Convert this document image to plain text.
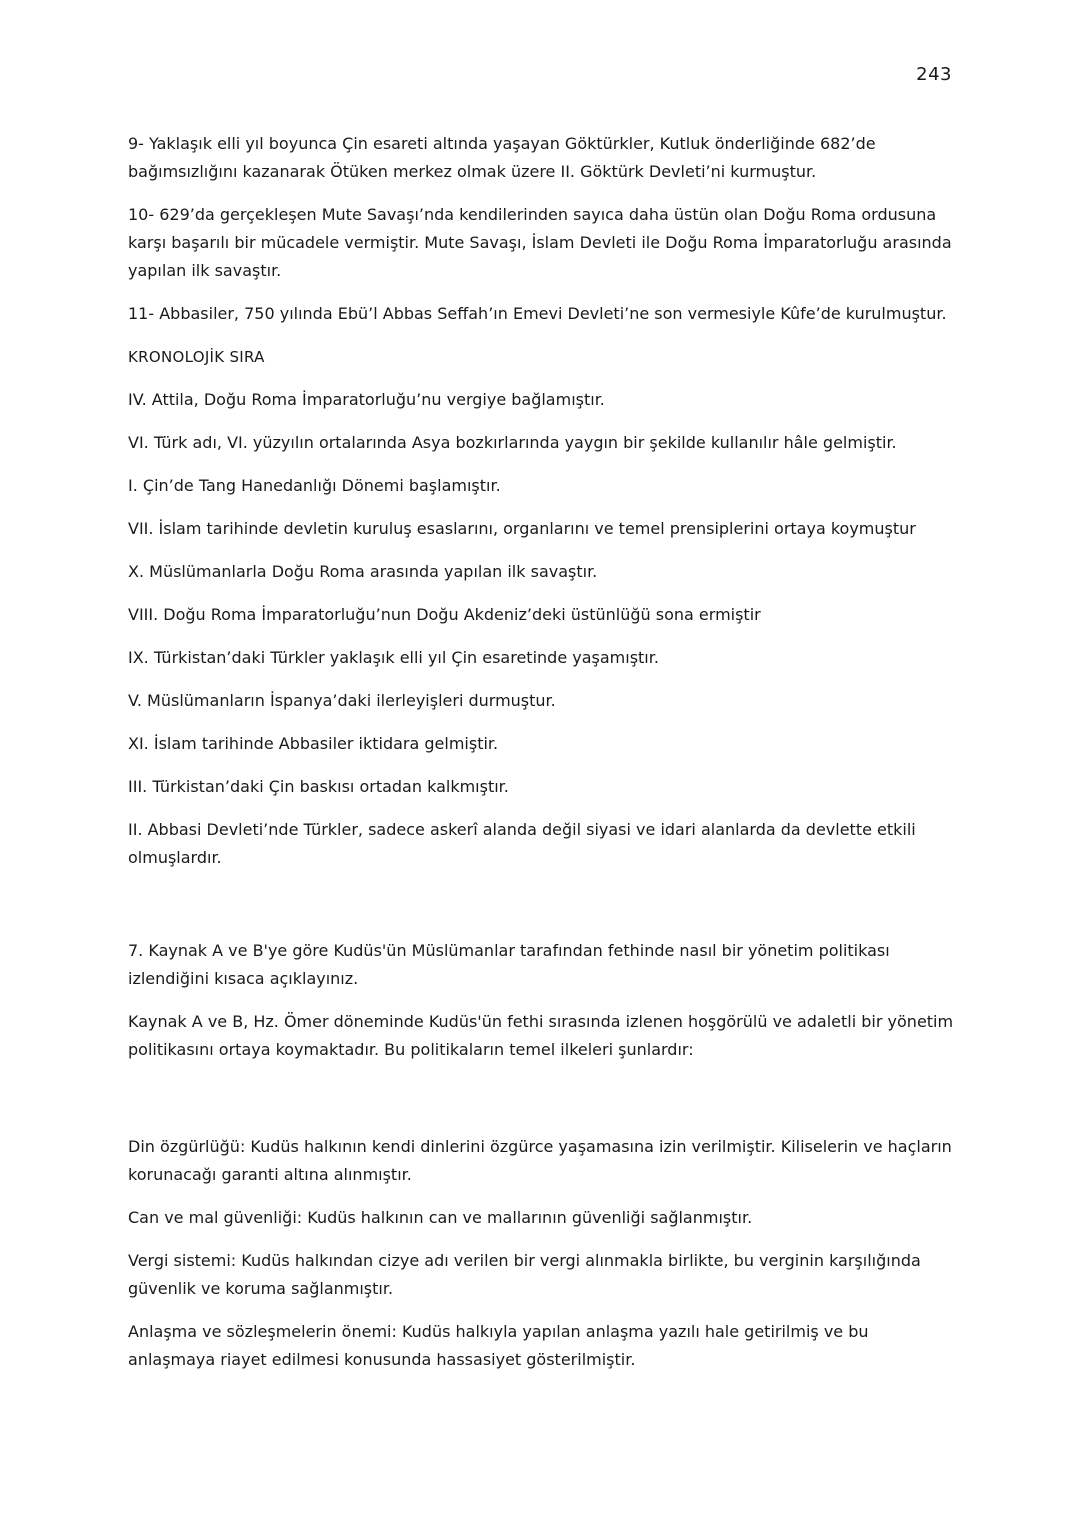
243

9- Yaklaşık elli yıl boyunca Çin esareti altında yaşayan Göktürkler, Kutluk önderliğinde 682’de bağımsızlığını kazanarak Ötüken merkez olmak üzere II. Göktürk Devleti’ni kurmuştur.

10- 629’da gerçekleşen Mute Savaşı’nda kendilerinden sayıca daha üstün olan Doğu Roma ordusuna karşı başarılı bir mücadele vermiştir. Mute Savaşı, İslam Devleti ile Doğu Roma İmparatorluğu arasında yapılan ilk savaştır.

11- Abbasiler, 750 yılında Ebü’l Abbas Seffah’ın Emevi Devleti’ne son vermesiyle Kûfe’de kurulmuştur.

KRONOLOJİK SIRA
IV. Attila, Doğu Roma İmparatorluğu’nu vergiye bağlamıştır.
VI. Türk adı, VI. yüzyılın ortalarında Asya bozkırlarında yaygın bir şekilde kullanılır hâle gelmiştir.
I. Çin’de Tang Hanedanlığı Dönemi başlamıştır.
VII. İslam tarihinde devletin kuruluş esaslarını, organlarını ve temel prensiplerini ortaya koymuştur
X. Müslümanlarla Doğu Roma arasında yapılan ilk savaştır.
VIII. Doğu Roma İmparatorluğu’nun Doğu Akdeniz’deki üstünlüğü sona ermiştir
IX. Türkistan’daki Türkler yaklaşık elli yıl Çin esaretinde yaşamıştır.
V. Müslümanların İspanya’daki ilerleyişleri durmuştur.
XI. İslam tarihinde Abbasiler iktidara gelmiştir.
III. Türkistan’daki Çin baskısı ortadan kalkmıştır.
II. Abbasi Devleti’nde Türkler, sadece askerî alanda değil siyasi ve idari alanlarda da devlette etkili olmuşlardır.

7. Kaynak A ve B'ye göre Kudüs'ün Müslümanlar tarafından fethinde nasıl bir yönetim politikası izlendiğini kısaca açıklayınız.

Kaynak A ve B, Hz. Ömer döneminde Kudüs'ün fethi sırasında izlenen hoşgörülü ve adaletli bir yönetim politikasını ortaya koymaktadır. Bu politikaların temel ilkeleri şunlardır:

Din özgürlüğü: Kudüs halkının kendi dinlerini özgürce yaşamasına izin verilmiştir. Kiliselerin ve haçların korunacağı garanti altına alınmıştır.

Can ve mal güvenliği: Kudüs halkının can ve mallarının güvenliği sağlanmıştır.

Vergi sistemi: Kudüs halkından cizye adı verilen bir vergi alınmakla birlikte, bu verginin karşılığında güvenlik ve koruma sağlanmıştır.

Anlaşma ve sözleşmelerin önemi: Kudüs halkıyla yapılan anlaşma yazılı hale getirilmiş ve bu anlaşmaya riayet edilmesi konusunda hassasiyet gösterilmiştir.
